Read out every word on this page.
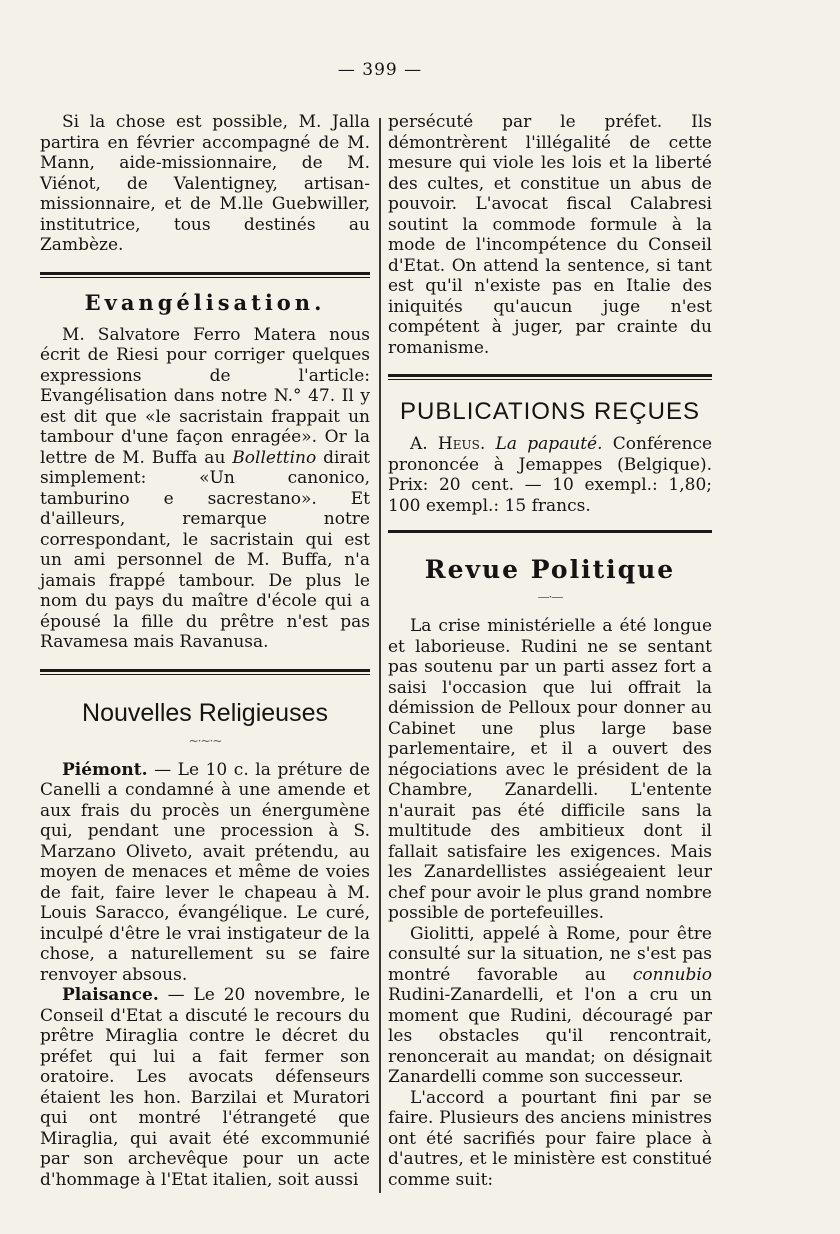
— 399 —

Si la chose est possible, M. Jalla partira en février accompagné de M. Mann, aide-missionnaire, de M. Viénot, de Valentigney, artisan-missionnaire, et de M.lle Guebwiller, institutrice, tous destinés au Zambèze.

Evangélisation.

M. Salvatore Ferro Matera nous écrit de Riesi pour corriger quelques expressions de l'article: Evangélisation dans notre N.° 47. Il y est dit que «le sacristain frappait un tambour d'une façon enragée». Or la lettre de M. Buffa au Bollettino dirait simplement: «Un canonico, tamburino e sacrestano». Et d'ailleurs, remarque notre correspondant, le sacristain qui est un ami personnel de M. Buffa, n'a jamais frappé tambour. De plus le nom du pays du maître d'école qui a épousé la fille du prêtre n'est pas Ravamesa mais Ravanusa.

Nouvelles Religieuses
~·~·~

Piémont. — Le 10 c. la préture de Canelli a condamné à une amende et aux frais du procès un énergumène qui, pendant une procession à S. Marzano Oliveto, avait prétendu, au moyen de menaces et même de voies de fait, faire lever le chapeau à M. Louis Saracco, évangélique. Le curé, inculpé d'être le vrai instigateur de la chose, a naturellement su se faire renvoyer absous.

Plaisance. — Le 20 novembre, le Conseil d'Etat a discuté le recours du prêtre Miraglia contre le décret du préfet qui lui a fait fermer son oratoire. Les avocats défenseurs étaient les hon. Barzilai et Muratori qui ont montré l'étrangeté que Miraglia, qui avait été excommunié par son archevêque pour un acte d'hommage à l'Etat italien, soit aussi

persécuté par le préfet. Ils démontrèrent l'illégalité de cette mesure qui viole les lois et la liberté des cultes, et constitue un abus de pouvoir. L'avocat fiscal Calabresi soutint la commode formule à la mode de l'incompétence du Conseil d'Etat. On attend la sentence, si tant est qu'il n'existe pas en Italie des iniquités qu'aucun juge n'est compétent à juger, par crainte du romanisme.

PUBLICATIONS REÇUES

A. Heus. La papauté. Conférence prononcée à Jemappes (Belgique). Prix: 20 cent. — 10 exempl.: 1,80; 100 exempl.: 15 francs.

Revue Politique
—·—

La crise ministérielle a été longue et laborieuse. Rudini ne se sentant pas soutenu par un parti assez fort a saisi l'occasion que lui offrait la démission de Pelloux pour donner au Cabinet une plus large base parlementaire, et il a ouvert des négociations avec le président de la Chambre, Zanardelli. L'entente n'aurait pas été difficile sans la multitude des ambitieux dont il fallait satisfaire les exigences. Mais les Zanardellistes assiégeaient leur chef pour avoir le plus grand nombre possible de portefeuilles.

Giolitti, appelé à Rome, pour être consulté sur la situation, ne s'est pas montré favorable au connubio Rudini-Zanardelli, et l'on a cru un moment que Rudini, découragé par les obstacles qu'il rencontrait, renoncerait au mandat; on désignait Zanardelli comme son successeur.

L'accord a pourtant fini par se faire. Plusieurs des anciens ministres ont été sacrifiés pour faire place à d'autres, et le ministère est constitué comme suit:
